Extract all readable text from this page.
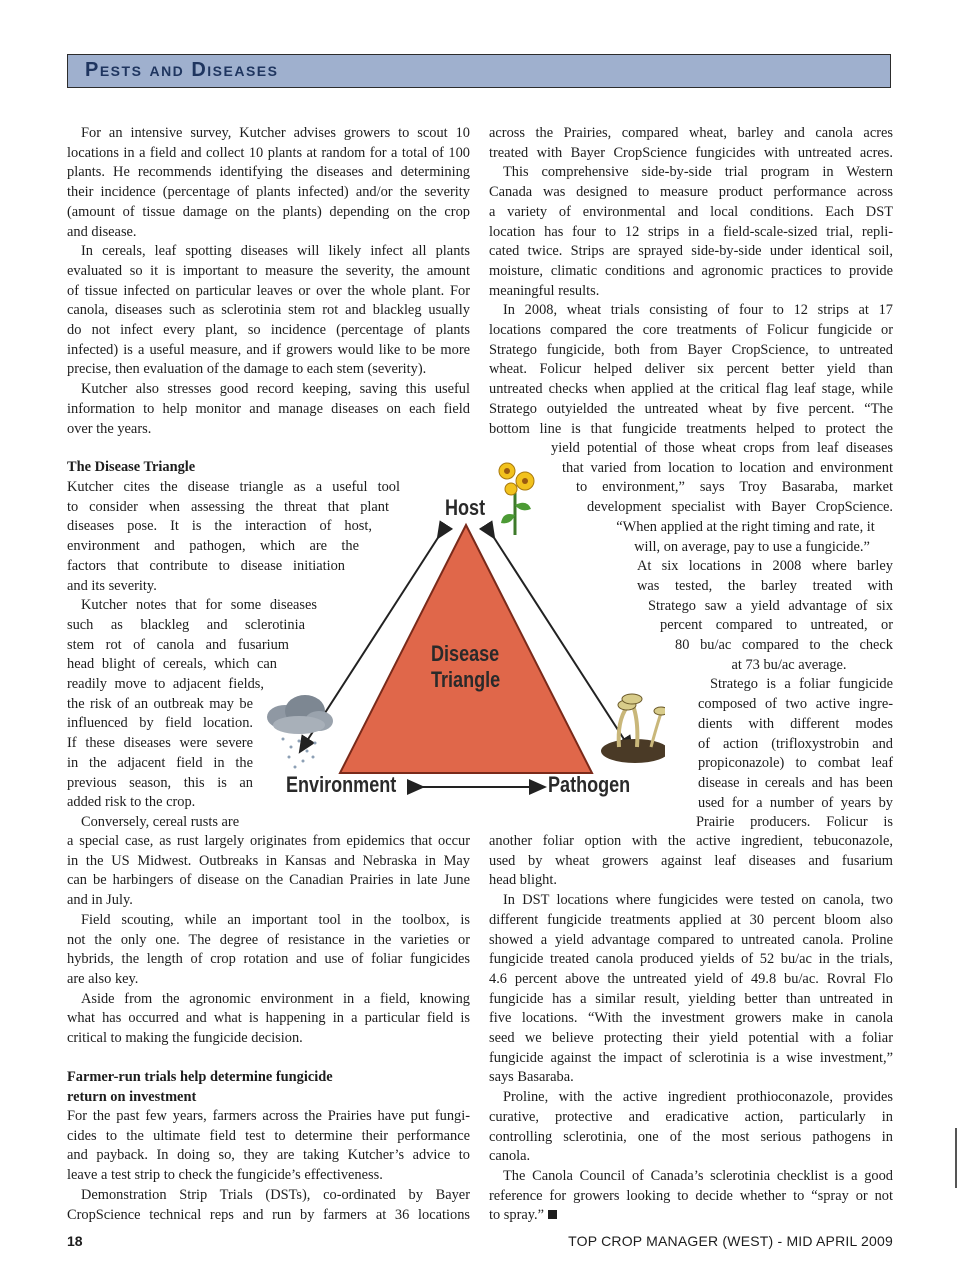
Pests and Diseases
For an intensive survey, Kutcher advises growers to scout 10
locations in a field and collect 10 plants at random for a total of 100
plants. He recommends identifying the diseases and determining
their incidence (percentage of plants infected) and/or the severity
(amount of tissue damage on the plants) depending on the crop
and disease.
In cereals, leaf spotting diseases will likely infect all plants
evaluated so it is important to measure the severity, the amount
of tissue infected on particular leaves or over the whole plant. For
canola, diseases such as sclerotinia stem rot and blackleg usually
do not infect every plant, so incidence (percentage of plants
infected) is a useful measure, and if growers would like to be more
precise, then evaluation of the damage to each stem (severity).
Kutcher also stresses good record keeping, saving this useful
information to help monitor and manage diseases on each field
over the years.
The Disease Triangle
Kutcher cites the disease triangle as a useful tool
to consider when assessing the threat that plant
diseases pose. It is the interaction of host,
environment and pathogen, which are the
factors that contribute to disease initiation
and its severity.
Kutcher notes that for some diseases
such as blackleg and sclerotinia
stem rot of canola and fusarium
head blight of cereals, which can
readily move to adjacent fields,
the risk of an outbreak may be
influenced by field location.
If these diseases were severe
in the adjacent field in the
previous season, this is an
added risk to the crop.
Conversely, cereal rusts are
a special case, as rust largely originates from epidemics that occur
in the US Midwest. Outbreaks in Kansas and Nebraska in May
can be harbingers of disease on the Canadian Prairies in late June
and in July.
Field scouting, while an important tool in the toolbox, is
not the only one. The degree of resistance in the varieties or
hybrids, the length of crop rotation and use of foliar fungicides
are also key.
Aside from the agronomic environment in a field, knowing
what has occurred and what is happening in a particular field is
critical to making the fungicide decision.
Farmer-run trials help determine fungicide
return on investment
For the past few years, farmers across the Prairies have put fungi-
cides to the ultimate field test to determine their performance
and payback. In doing so, they are taking Kutcher’s advice to
leave a test strip to check the fungicide’s effectiveness.
Demonstration Strip Trials (DSTs), co-ordinated by Bayer
CropScience technical reps and run by farmers at 36 locations
across the Prairies, compared wheat, barley and canola acres
treated with Bayer CropScience fungicides with untreated acres.
This comprehensive side-by-side trial program in Western
Canada was designed to measure product performance across
a variety of environmental and local conditions. Each DST
location has four to 12 strips in a field-scale-sized trial, repli-
cated twice. Strips are sprayed side-by-side under identical soil,
moisture, climatic conditions and agronomic practices to provide
meaningful results.
In 2008, wheat trials consisting of four to 12 strips at 17
locations compared the core treatments of Folicur fungicide or
Stratego fungicide, both from Bayer CropScience, to untreated
wheat. Folicur helped deliver six percent better yield than
untreated checks when applied at the critical flag leaf stage, while
Stratego outyielded the untreated wheat by five percent. “The
bottom line is that fungicide treatments helped to protect the
yield potential of those wheat crops from leaf diseases
that varied from location to location and environment
to environment,” says Troy Basaraba, market
development specialist with Bayer CropScience.
“When applied at the right timing and rate, it
will, on average, pay to use a fungicide.”
At six locations in 2008 where barley
was tested, the barley treated with
Stratego saw a yield advantage of six
percent compared to untreated, or
80 bu/ac compared to the check
at 73 bu/ac average.
Stratego is a foliar fungicide
composed of two active ingre-
dients with different modes
of action (trifloxystrobin and
propiconazole) to combat leaf
disease in cereals and has been
used for a number of years by
Prairie producers. Folicur is
another foliar option with the active ingredient, tebuconazole,
used by wheat growers against leaf diseases and fusarium
head blight.
In DST locations where fungicides were tested on canola, two
different fungicide treatments applied at 30 percent bloom also
showed a yield advantage compared to untreated canola. Proline
fungicide treated canola produced yields of 52 bu/ac in the trials,
4.6 percent above the untreated yield of 49.8 bu/ac. Rovral Flo
fungicide has a similar result, yielding better than untreated in
five locations. “With the investment growers make in canola
seed we believe protecting their yield potential with a foliar
fungicide against the impact of sclerotinia is a wise investment,”
says Basaraba.
Proline, with the active ingredient prothioconazole, provides
curative, protective and eradicative action, particularly in
controlling sclerotinia, one of the most serious pathogens in
canola.
The Canola Council of Canada’s sclerotinia checklist is a good
reference for growers looking to decide whether to “spray or not
to spray.”
Host
Disease
Triangle
Environment	Pathogen
18	TOP CROP MANAGER (WEST) - MID APRIL 2009
